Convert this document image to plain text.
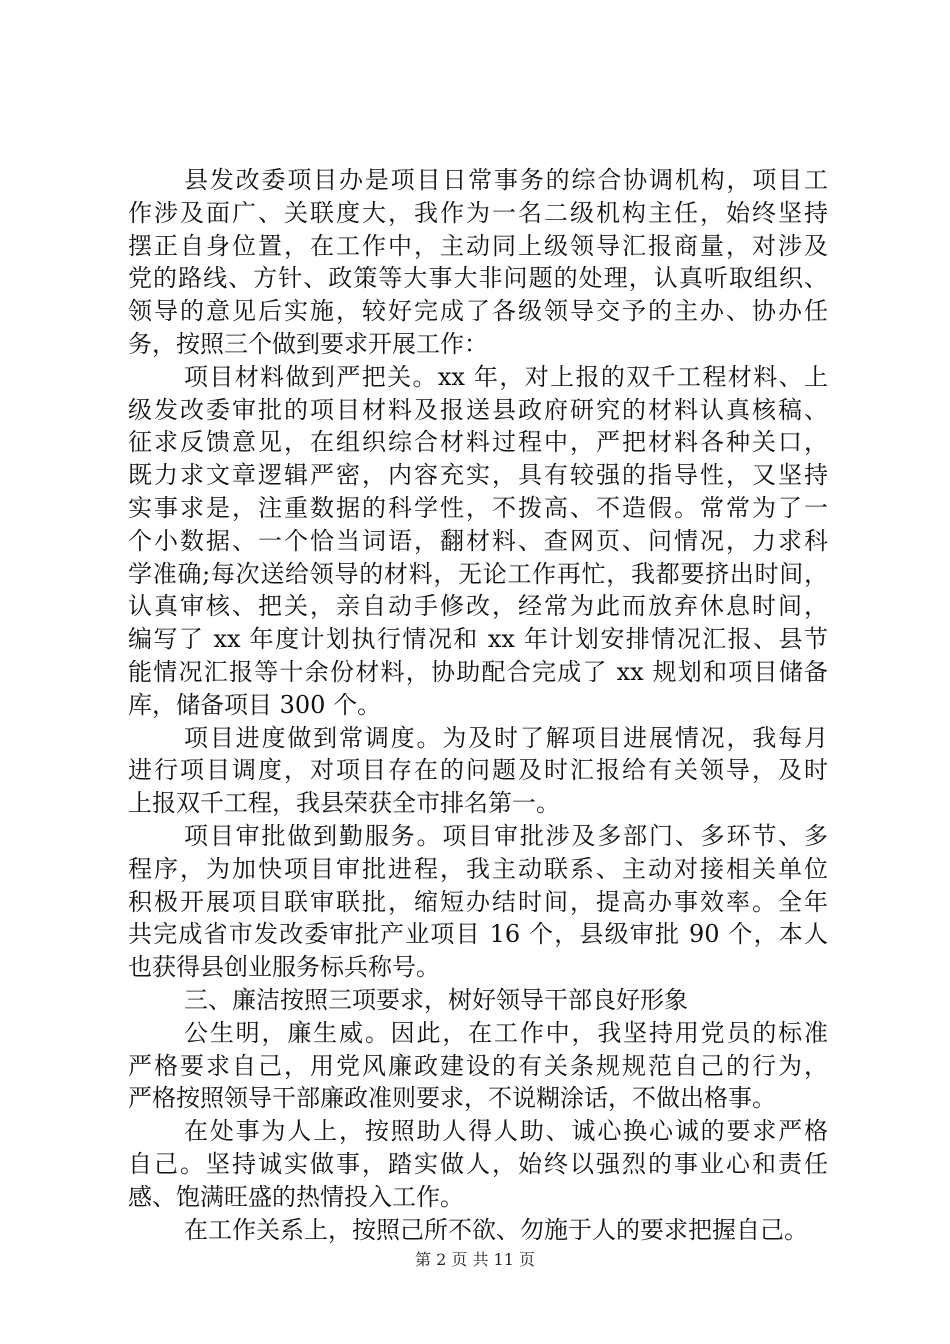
县发改委项目办是项目日常事务的综合协调机构，项目工
作涉及面广、关联度大，我作为一名二级机构主任，始终坚持
摆正自身位置，在工作中，主动同上级领导汇报商量，对涉及
党的路线、方针、政策等大事大非问题的处理，认真听取组织、
领导的意见后实施，较好完成了各级领导交予的主办、协办任
务，按照三个做到要求开展工作：
项目材料做到严把关。xx 年，对上报的双千工程材料、上
级发改委审批的项目材料及报送县政府研究的材料认真核稿、
征求反馈意见，在组织综合材料过程中，严把材料各种关口，
既力求文章逻辑严密，内容充实，具有较强的指导性，又坚持
实事求是，注重数据的科学性，不拨高、不造假。常常为了一
个小数据、一个恰当词语，翻材料、查网页、问情况，力求科
学准确;每次送给领导的材料，无论工作再忙，我都要挤出时间，
认真审核、把关，亲自动手修改，经常为此而放弃休息时间，
编写了 xx 年度计划执行情况和 xx 年计划安排情况汇报、县节
能情况汇报等十余份材料，协助配合完成了 xx 规划和项目储备
库，储备项目 300 个。
项目进度做到常调度。为及时了解项目进展情况，我每月
进行项目调度，对项目存在的问题及时汇报给有关领导，及时
上报双千工程，我县荣获全市排名第一。
项目审批做到勤服务。项目审批涉及多部门、多环节、多
程序，为加快项目审批进程，我主动联系、主动对接相关单位
积极开展项目联审联批，缩短办结时间，提高办事效率。全年
共完成省市发改委审批产业项目 16 个，县级审批 90 个，本人
也获得县创业服务标兵称号。
三、廉洁按照三项要求，树好领导干部良好形象
公生明，廉生威。因此，在工作中，我坚持用党员的标准
严格要求自己，用党风廉政建设的有关条规规范自己的行为，
严格按照领导干部廉政准则要求，不说糊涂话，不做出格事。
在处事为人上，按照助人得人助、诚心换心诚的要求严格
自己。坚持诚实做事，踏实做人，始终以强烈的事业心和责任
感、饱满旺盛的热情投入工作。
在工作关系上，按照己所不欲、勿施于人的要求把握自己。
第 2 页 共 11 页
